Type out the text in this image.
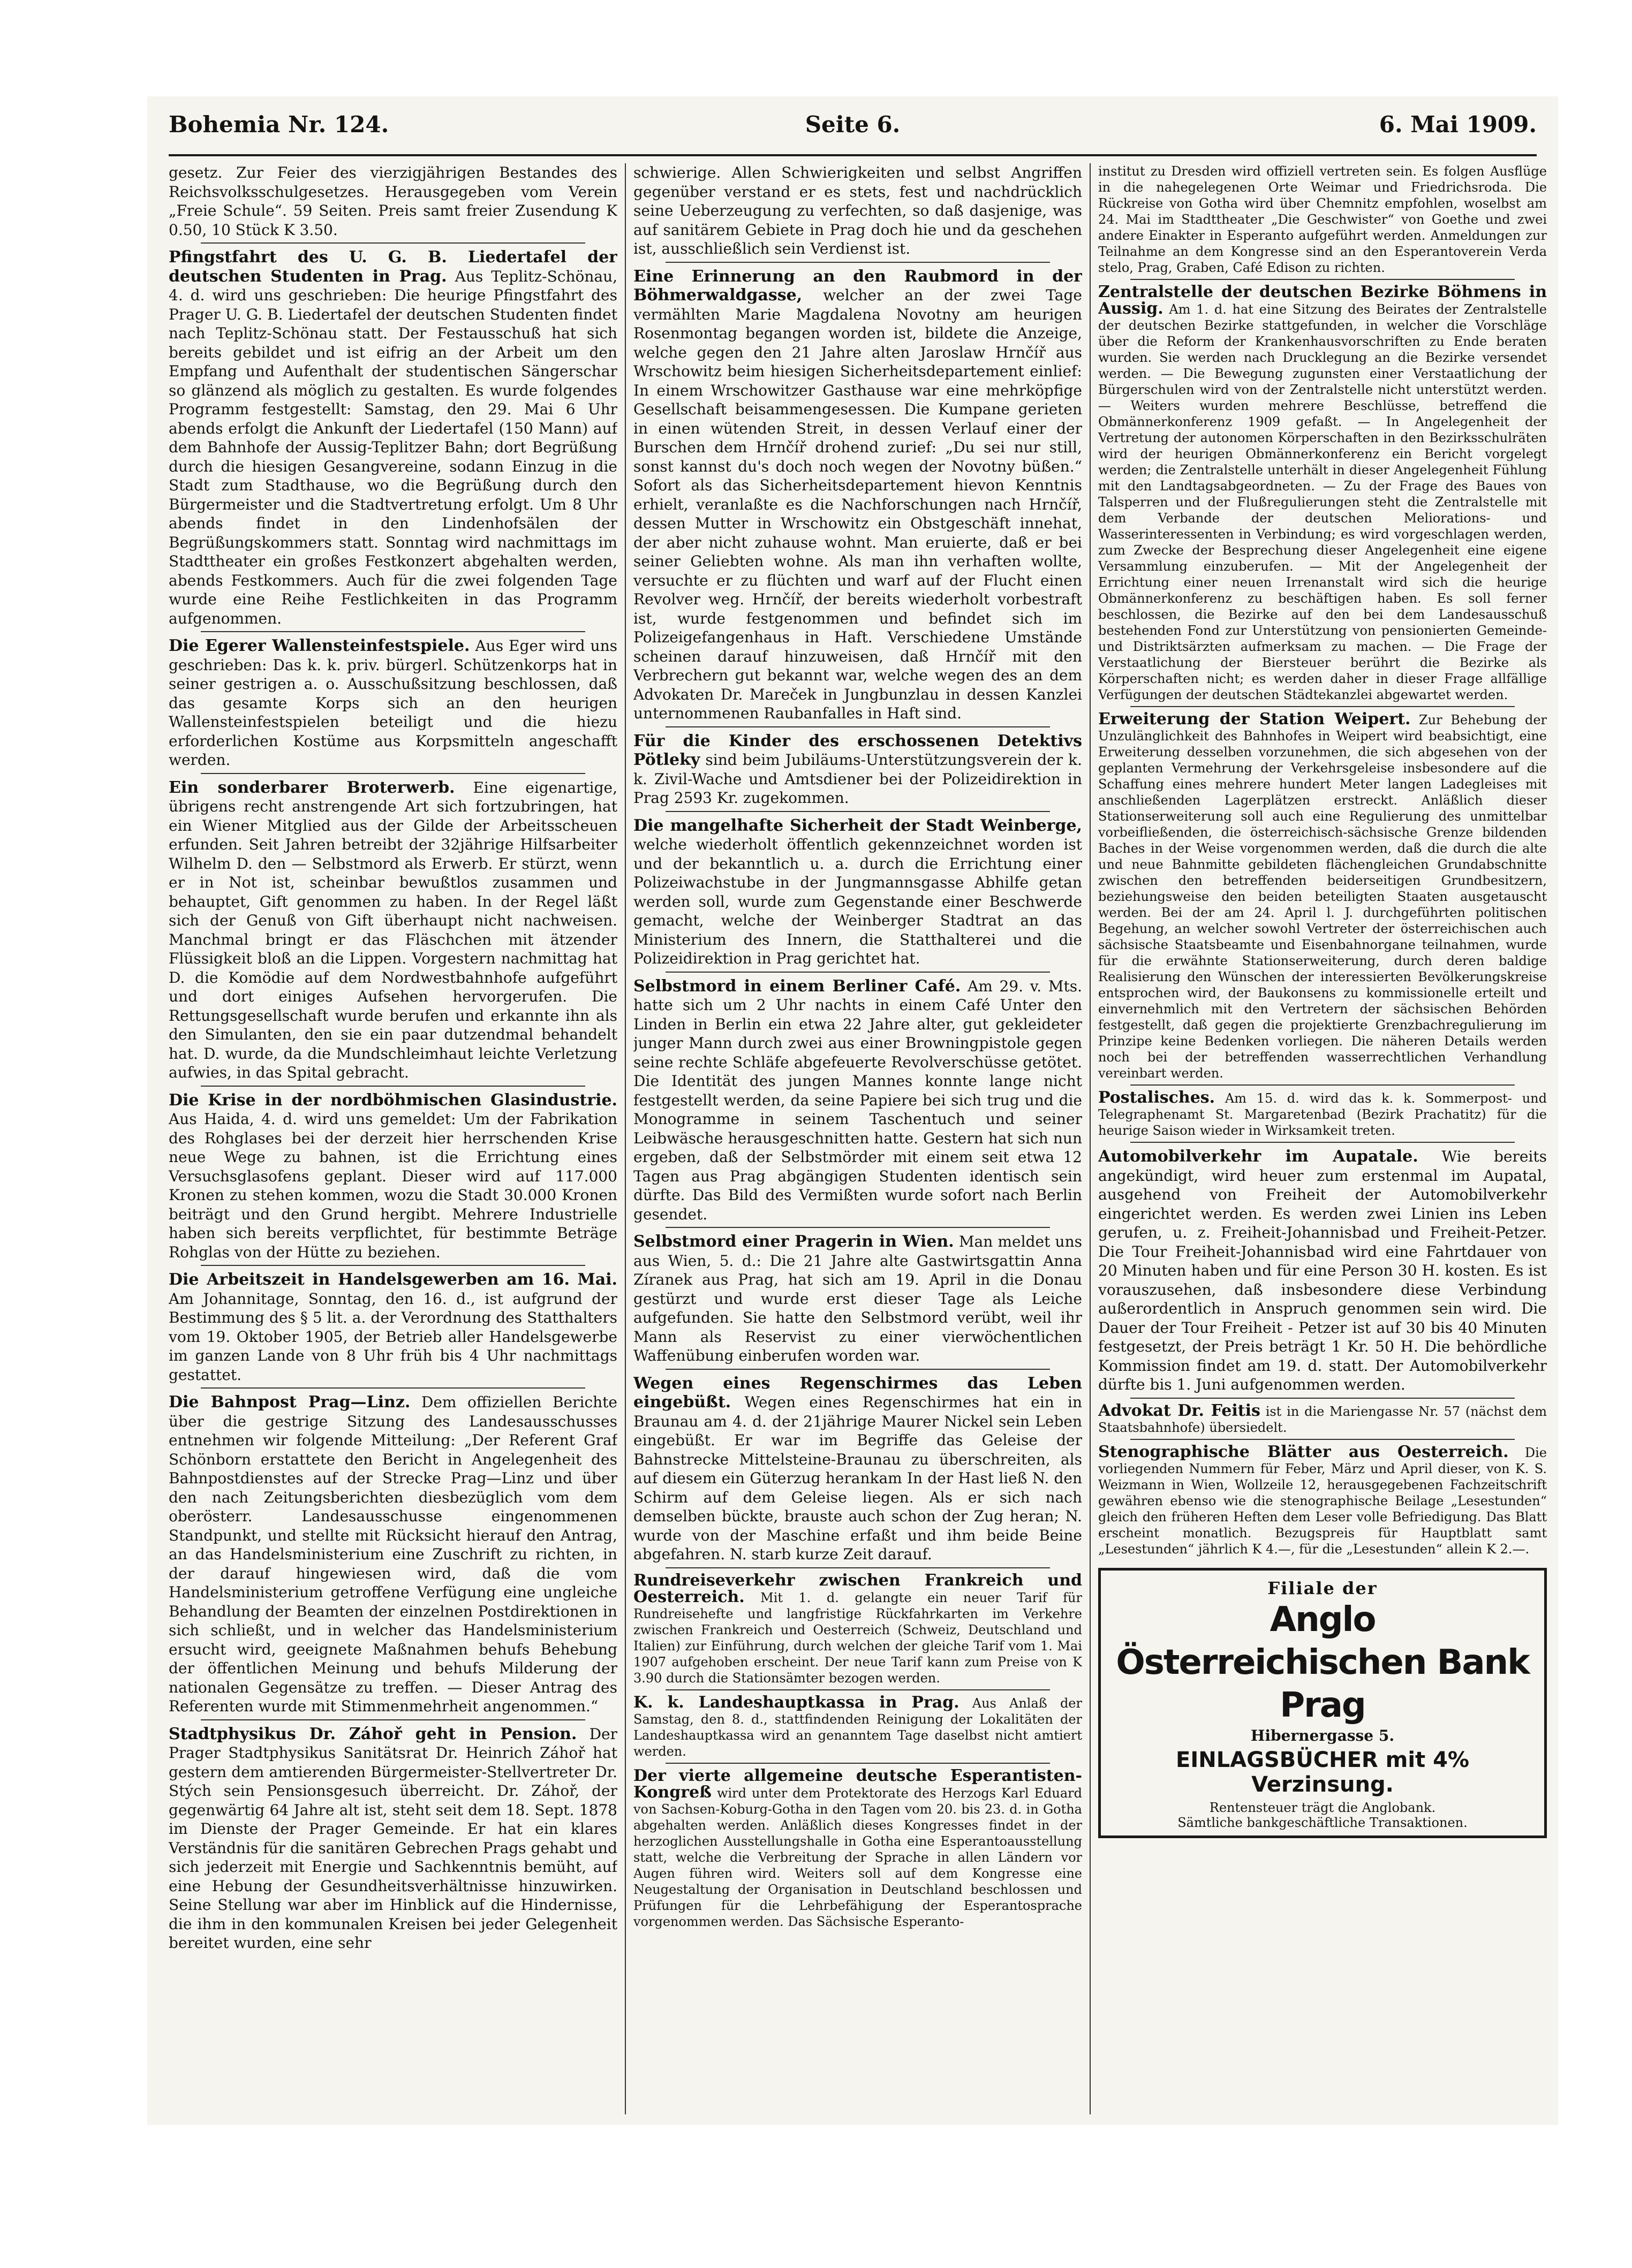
Bohemia Nr. 124.	Seite 6.	6. Mai 1909.

gesetz. Zur Feier des vierzigjährigen Bestandes des Reichsvolksschulgesetzes. Herausgegeben vom Verein „Freie Schule“. 59 Seiten. Preis samt freier Zusendung K 0.50, 10 Stück K 3.50.

Pfingstfahrt des U. G. B. Liedertafel der deutschen Studenten in Prag. Aus Teplitz-Schönau, 4. d. wird uns geschrieben: Die heurige Pfingstfahrt des Prager U. G. B. Liedertafel der deutschen Studenten findet nach Teplitz-Schönau statt. Der Festausschuß hat sich bereits gebildet und ist eifrig an der Arbeit um den Empfang und Aufenthalt der studentischen Sängerschar so glänzend als möglich zu gestalten. Es wurde folgendes Programm festgestellt: Samstag, den 29. Mai 6 Uhr abends erfolgt die Ankunft der Liedertafel (150 Mann) auf dem Bahnhofe der Aussig-Teplitzer Bahn; dort Begrüßung durch die hiesigen Gesangvereine, sodann Einzug in die Stadt zum Stadthause, wo die Begrüßung durch den Bürgermeister und die Stadtvertretung erfolgt. Um 8 Uhr abends findet in den Lindenhofsälen der Begrüßungskommers statt. Sonntag wird nachmittags im Stadttheater ein großes Festkonzert abgehalten werden, abends Festkommers. Auch für die zwei folgenden Tage wurde eine Reihe Festlichkeiten in das Programm aufgenommen.

Die Egerer Wallensteinfestspiele. Aus Eger wird uns geschrieben: Das k. k. priv. bürgerl. Schützenkorps hat in seiner gestrigen a. o. Ausschußsitzung beschlossen, daß das gesamte Korps sich an den heurigen Wallensteinfestspielen beteiligt und die hiezu erforderlichen Kostüme aus Korpsmitteln angeschafft werden.

Ein sonderbarer Broterwerb. Eine eigenartige, übrigens recht anstrengende Art sich fortzubringen, hat ein Wiener Mitglied aus der Gilde der Arbeitsscheuen erfunden. Seit Jahren betreibt der 32jährige Hilfsarbeiter Wilhelm D. den — Selbstmord als Erwerb. Er stürzt, wenn er in Not ist, scheinbar bewußtlos zusammen und behauptet, Gift genommen zu haben. In der Regel läßt sich der Genuß von Gift überhaupt nicht nachweisen. Manchmal bringt er das Fläschchen mit ätzender Flüssigkeit bloß an die Lippen. Vorgestern nachmittag hat D. die Komödie auf dem Nordwestbahnhofe aufgeführt und dort einiges Aufsehen hervorgerufen. Die Rettungsgesellschaft wurde berufen und erkannte ihn als den Simulanten, den sie ein paar dutzendmal behandelt hat. D. wurde, da die Mundschleimhaut leichte Verletzung aufwies, in das Spital gebracht.

Die Krise in der nordböhmischen Glasindustrie. Aus Haida, 4. d. wird uns gemeldet: Um der Fabrikation des Rohglases bei der derzeit hier herrschenden Krise neue Wege zu bahnen, ist die Errichtung eines Versuchsglasofens geplant. Dieser wird auf 117.000 Kronen zu stehen kommen, wozu die Stadt 30.000 Kronen beiträgt und den Grund hergibt. Mehrere Industrielle haben sich bereits verpflichtet, für bestimmte Beträge Rohglas von der Hütte zu beziehen.

Die Arbeitszeit in Handelsgewerben am 16. Mai. Am Johannitage, Sonntag, den 16. d., ist aufgrund der Bestimmung des § 5 lit. a. der Verordnung des Statthalters vom 19. Oktober 1905, der Betrieb aller Handelsgewerbe im ganzen Lande von 8 Uhr früh bis 4 Uhr nachmittags gestattet.

Die Bahnpost Prag—Linz. Dem offiziellen Berichte über die gestrige Sitzung des Landesausschusses entnehmen wir folgende Mitteilung: „Der Referent Graf Schönborn erstattete den Bericht in Angelegenheit des Bahnpostdienstes auf der Strecke Prag—Linz und über den nach Zeitungsberichten diesbezüglich vom dem oberösterr. Landesausschusse eingenommenen Standpunkt, und stellte mit Rücksicht hierauf den Antrag, an das Handelsministerium eine Zuschrift zu richten, in der darauf hingewiesen wird, daß die vom Handelsministerium getroffene Verfügung eine ungleiche Behandlung der Beamten der einzelnen Postdirektionen in sich schließt, und in welcher das Handelsministerium ersucht wird, geeignete Maßnahmen behufs Behebung der öffentlichen Meinung und behufs Milderung der nationalen Gegensätze zu treffen. — Dieser Antrag des Referenten wurde mit Stimmenmehrheit angenommen.“

Stadtphysikus Dr. Záhoř geht in Pension. Der Prager Stadtphysikus Sanitätsrat Dr. Heinrich Záhoř hat gestern dem amtierenden Bürgermeister-Stellvertreter Dr. Stých sein Pensionsgesuch überreicht. Dr. Záhoř, der gegenwärtig 64 Jahre alt ist, steht seit dem 18. Sept. 1878 im Dienste der Prager Gemeinde. Er hat ein klares Verständnis für die sanitären Gebrechen Prags gehabt und sich jederzeit mit Energie und Sachkenntnis bemüht, auf eine Hebung der Gesundheitsverhältnisse hinzuwirken. Seine Stellung war aber im Hinblick auf die Hindernisse, die ihm in den kommunalen Kreisen bei jeder Gelegenheit bereitet wurden, eine sehr

schwierige. Allen Schwierigkeiten und selbst Angriffen gegenüber verstand er es stets, fest und nachdrücklich seine Ueberzeugung zu verfechten, so daß dasjenige, was auf sanitärem Gebiete in Prag doch hie und da geschehen ist, ausschließlich sein Verdienst ist.

Eine Erinnerung an den Raubmord in der Böhmerwaldgasse, welcher an der zwei Tage vermählten Marie Magdalena Novotny am heurigen Rosenmontag begangen worden ist, bildete die Anzeige, welche gegen den 21 Jahre alten Jaroslaw Hrnčíř aus Wrschowitz beim hiesigen Sicherheitsdepartement einlief: In einem Wrschowitzer Gasthause war eine mehrköpfige Gesellschaft beisammengesessen. Die Kumpane gerieten in einen wütenden Streit, in dessen Verlauf einer der Burschen dem Hrnčíř drohend zurief: „Du sei nur still, sonst kannst du's doch noch wegen der Novotny büßen.“ Sofort als das Sicherheitsdepartement hievon Kenntnis erhielt, veranlaßte es die Nachforschungen nach Hrnčíř, dessen Mutter in Wrschowitz ein Obstgeschäft innehat, der aber nicht zuhause wohnt. Man eruierte, daß er bei seiner Geliebten wohne. Als man ihn verhaften wollte, versuchte er zu flüchten und warf auf der Flucht einen Revolver weg. Hrnčíř, der bereits wiederholt vorbestraft ist, wurde festgenommen und befindet sich im Polizeigefangenhaus in Haft. Verschiedene Umstände scheinen darauf hinzuweisen, daß Hrnčíř mit den Verbrechern gut bekannt war, welche wegen des an dem Advokaten Dr. Mareček in Jungbunzlau in dessen Kanzlei unternommenen Raubanfalles in Haft sind.

Für die Kinder des erschossenen Detektivs Pötleky sind beim Jubiläums-Unterstützungsverein der k. k. Zivil-Wache und Amtsdiener bei der Polizeidirektion in Prag 2593 Kr. zugekommen.

Die mangelhafte Sicherheit der Stadt Weinberge, welche wiederholt öffentlich gekennzeichnet worden ist und der bekanntlich u. a. durch die Errichtung einer Polizeiwachstube in der Jungmannsgasse Abhilfe getan werden soll, wurde zum Gegenstande einer Beschwerde gemacht, welche der Weinberger Stadtrat an das Ministerium des Innern, die Statthalterei und die Polizeidirektion in Prag gerichtet hat.

Selbstmord in einem Berliner Café. Am 29. v. Mts. hatte sich um 2 Uhr nachts in einem Café Unter den Linden in Berlin ein etwa 22 Jahre alter, gut gekleideter junger Mann durch zwei aus einer Browningpistole gegen seine rechte Schläfe abgefeuerte Revolverschüsse getötet. Die Identität des jungen Mannes konnte lange nicht festgestellt werden, da seine Papiere bei sich trug und die Monogramme in seinem Taschentuch und seiner Leibwäsche herausgeschnitten hatte. Gestern hat sich nun ergeben, daß der Selbstmörder mit einem seit etwa 12 Tagen aus Prag abgängigen Studenten identisch sein dürfte. Das Bild des Vermißten wurde sofort nach Berlin gesendet.

Selbstmord einer Pragerin in Wien. Man meldet uns aus Wien, 5. d.: Die 21 Jahre alte Gastwirtsgattin Anna Zíranek aus Prag, hat sich am 19. April in die Donau gestürzt und wurde erst dieser Tage als Leiche aufgefunden. Sie hatte den Selbstmord verübt, weil ihr Mann als Reservist zu einer vierwöchentlichen Waffenübung einberufen worden war.

Wegen eines Regenschirmes das Leben eingebüßt. Wegen eines Regenschirmes hat ein in Braunau am 4. d. der 21jährige Maurer Nickel sein Leben eingebüßt. Er war im Begriffe das Geleise der Bahnstrecke Mittelsteine-Braunau zu überschreiten, als auf diesem ein Güterzug herankam In der Hast ließ N. den Schirm auf dem Geleise liegen. Als er sich nach demselben bückte, brauste auch schon der Zug heran; N. wurde von der Maschine erfaßt und ihm beide Beine abgefahren. N. starb kurze Zeit darauf.

Rundreiseverkehr zwischen Frankreich und Oesterreich. Mit 1. d. gelangte ein neuer Tarif für Rundreisehefte und langfristige Rückfahrkarten im Verkehre zwischen Frankreich und Oesterreich (Schweiz, Deutschland und Italien) zur Einführung, durch welchen der gleiche Tarif vom 1. Mai 1907 aufgehoben erscheint. Der neue Tarif kann zum Preise von K 3.90 durch die Stationsämter bezogen werden.

K. k. Landeshauptkassa in Prag. Aus Anlaß der Samstag, den 8. d., stattfindenden Reinigung der Lokalitäten der Landeshauptkassa wird an genanntem Tage daselbst nicht amtiert werden.

Der vierte allgemeine deutsche Esperantisten-Kongreß wird unter dem Protektorate des Herzogs Karl Eduard von Sachsen-Koburg-Gotha in den Tagen vom 20. bis 23. d. in Gotha abgehalten werden. Anläßlich dieses Kongresses findet in der herzoglichen Ausstellungshalle in Gotha eine Esperantoausstellung statt, welche die Verbreitung der Sprache in allen Ländern vor Augen führen wird. Weiters soll auf dem Kongresse eine Neugestaltung der Organisation in Deutschland beschlossen und Prüfungen für die Lehrbefähigung der Esperantosprache vorgenommen werden. Das Sächsische Esperanto-

institut zu Dresden wird offiziell vertreten sein. Es folgen Ausflüge in die nahegelegenen Orte Weimar und Friedrichsroda. Die Rückreise von Gotha wird über Chemnitz empfohlen, woselbst am 24. Mai im Stadttheater „Die Geschwister“ von Goethe und zwei andere Einakter in Esperanto aufgeführt werden. Anmeldungen zur Teilnahme an dem Kongresse sind an den Esperantoverein Verda stelo, Prag, Graben, Café Edison zu richten.

Zentralstelle der deutschen Bezirke Böhmens in Aussig. Am 1. d. hat eine Sitzung des Beirates der Zentralstelle der deutschen Bezirke stattgefunden, in welcher die Vorschläge über die Reform der Krankenhausvorschriften zu Ende beraten wurden. Sie werden nach Drucklegung an die Bezirke versendet werden. — Die Bewegung zugunsten einer Verstaatlichung der Bürgerschulen wird von der Zentralstelle nicht unterstützt werden. — Weiters wurden mehrere Beschlüsse, betreffend die Obmännerkonferenz 1909 gefaßt. — In Angelegenheit der Vertretung der autonomen Körperschaften in den Bezirksschulräten wird der heurigen Obmännerkonferenz ein Bericht vorgelegt werden; die Zentralstelle unterhält in dieser Angelegenheit Fühlung mit den Landtagsabgeordneten. — Zu der Frage des Baues von Talsperren und der Flußregulierungen steht die Zentralstelle mit dem Verbande der deutschen Meliorations- und Wasserinteressenten in Verbindung; es wird vorgeschlagen werden, zum Zwecke der Besprechung dieser Angelegenheit eine eigene Versammlung einzuberufen. — Mit der Angelegenheit der Errichtung einer neuen Irrenanstalt wird sich die heurige Obmännerkonferenz zu beschäftigen haben. Es soll ferner beschlossen, die Bezirke auf den bei dem Landesausschuß bestehenden Fond zur Unterstützung von pensionierten Gemeinde- und Distriktsärzten aufmerksam zu machen. — Die Frage der Verstaatlichung der Biersteuer berührt die Bezirke als Körperschaften nicht; es werden daher in dieser Frage allfällige Verfügungen der deutschen Städtekanzlei abgewartet werden.

Erweiterung der Station Weipert. Zur Behebung der Unzulänglichkeit des Bahnhofes in Weipert wird beabsichtigt, eine Erweiterung desselben vorzunehmen, die sich abgesehen von der geplanten Vermehrung der Verkehrsgeleise insbesondere auf die Schaffung eines mehrere hundert Meter langen Ladegleises mit anschließenden Lagerplätzen erstreckt. Anläßlich dieser Stationserweiterung soll auch eine Regulierung des unmittelbar vorbeifließenden, die österreichisch-sächsische Grenze bildenden Baches in der Weise vorgenommen werden, daß die durch die alte und neue Bahnmitte gebildeten flächengleichen Grundabschnitte zwischen den betreffenden beiderseitigen Grundbesitzern, beziehungsweise den beiden beteiligten Staaten ausgetauscht werden. Bei der am 24. April l. J. durchgeführten politischen Begehung, an welcher sowohl Vertreter der österreichischen auch sächsische Staatsbeamte und Eisenbahnorgane teilnahmen, wurde für die erwähnte Stationserweiterung, durch deren baldige Realisierung den Wünschen der interessierten Bevölkerungskreise entsprochen wird, der Baukonsens zu kommissionelle erteilt und einvernehmlich mit den Vertretern der sächsischen Behörden festgestellt, daß gegen die projektierte Grenzbachregulierung im Prinzipe keine Bedenken vorliegen. Die näheren Details werden noch bei der betreffenden wasserrechtlichen Verhandlung vereinbart werden.

Postalisches. Am 15. d. wird das k. k. Sommerpost- und Telegraphenamt St. Margaretenbad (Bezirk Prachatitz) für die heurige Saison wieder in Wirksamkeit treten.

Automobilverkehr im Aupatale. Wie bereits angekündigt, wird heuer zum erstenmal im Aupatal, ausgehend von Freiheit der Automobilverkehr eingerichtet werden. Es werden zwei Linien ins Leben gerufen, u. z. Freiheit-Johannisbad und Freiheit-Petzer. Die Tour Freiheit-Johannisbad wird eine Fahrtdauer von 20 Minuten haben und für eine Person 30 H. kosten. Es ist vorauszusehen, daß insbesondere diese Verbindung außerordentlich in Anspruch genommen sein wird. Die Dauer der Tour Freiheit - Petzer ist auf 30 bis 40 Minuten festgesetzt, der Preis beträgt 1 Kr. 50 H. Die behördliche Kommission findet am 19. d. statt. Der Automobilverkehr dürfte bis 1. Juni aufgenommen werden.

Advokat Dr. Feitis ist in die Mariengasse Nr. 57 (nächst dem Staatsbahnhofe) übersiedelt.

Stenographische Blätter aus Oesterreich. Die vorliegenden Nummern für Feber, März und April dieser, von K. S. Weizmann in Wien, Wollzeile 12, herausgegebenen Fachzeitschrift gewähren ebenso wie die stenographische Beilage „Lesestunden“ gleich den früheren Heften dem Leser volle Befriedigung. Das Blatt erscheint monatlich. Bezugspreis für Hauptblatt samt „Lesestunden“ jährlich K 4.—, für die „Lesestunden“ allein K 2.—.

Filiale der
Anglo Österreichischen Bank Prag
Hibernergasse 5.
EINLAGSBÜCHER mit 4% Verzinsung.
Rentensteuer trägt die Anglobank.
Sämtliche bankgeschäftliche Transaktionen.
